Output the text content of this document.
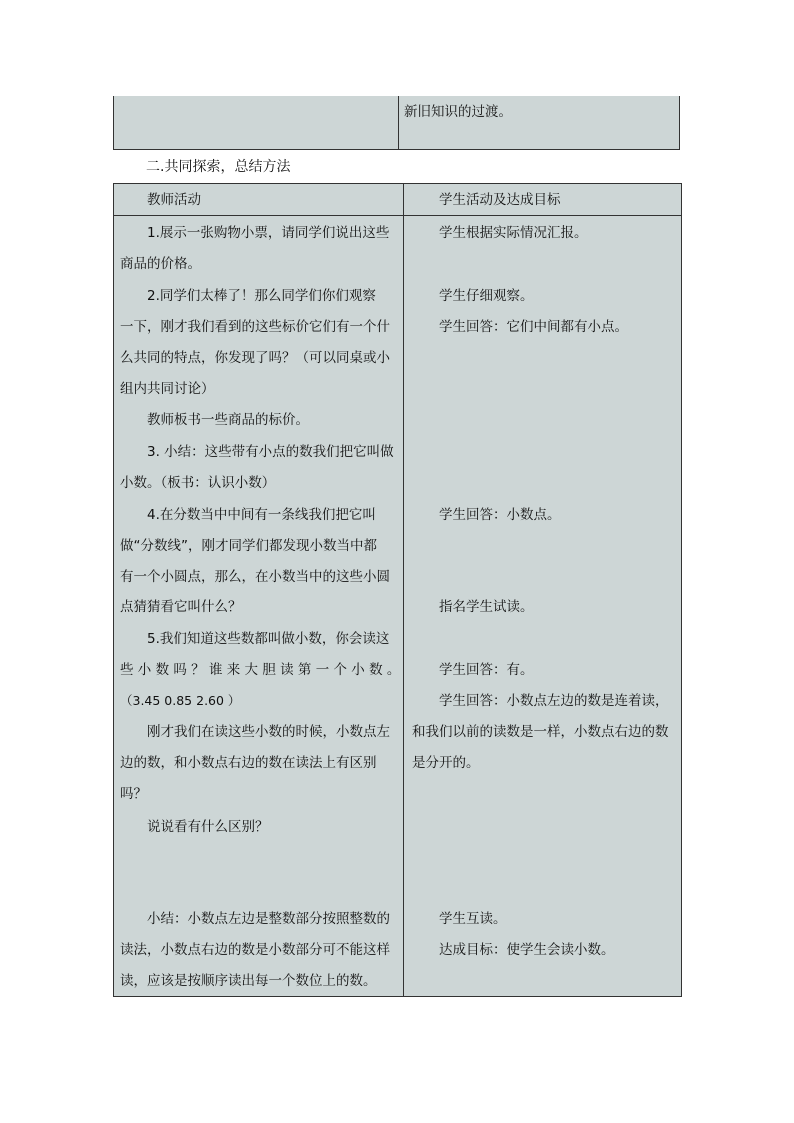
新旧知识的过渡。
二.共同探索，总结方法
教师活动	学生活动及达成目标
1.展示一张购物小票，请同学们说出这些
商品的价格。
2.同学们太棒了！那么同学们你们观察
一下，刚才我们看到的这些标价它们有一个什
么共同的特点，你发现了吗？（可以同桌或小
组内共同讨论）
教师板书一些商品的标价。
3. 小结：这些带有小点的数我们把它叫做
小数。（板书：认识小数）
4.在分数当中中间有一条线我们把它叫
做“分数线”，刚才同学们都发现小数当中都
有一个小圆点，那么，在小数当中的这些小圆
点猜猜看它叫什么？
5.我们知道这些数都叫做小数，你会读这
些 小 数 吗 ？ 谁 来 大 胆 读 第 一 个 小 数 。
（3.45 0.85 2.60 ）
刚才我们在读这些小数的时候，小数点左
边的数，和小数点右边的数在读法上有区别
吗？
说说看有什么区别？
小结：小数点左边是整数部分按照整数的
读法，小数点右边的数是小数部分可不能这样
读，应该是按顺序读出每一个数位上的数。
学生根据实际情况汇报。
学生仔细观察。
学生回答：它们中间都有小点。
学生回答：小数点。
指名学生试读。
学生回答：有。
学生回答：小数点左边的数是连着读，
和我们以前的读数是一样，小数点右边的数
是分开的。
学生互读。
达成目标：使学生会读小数。
